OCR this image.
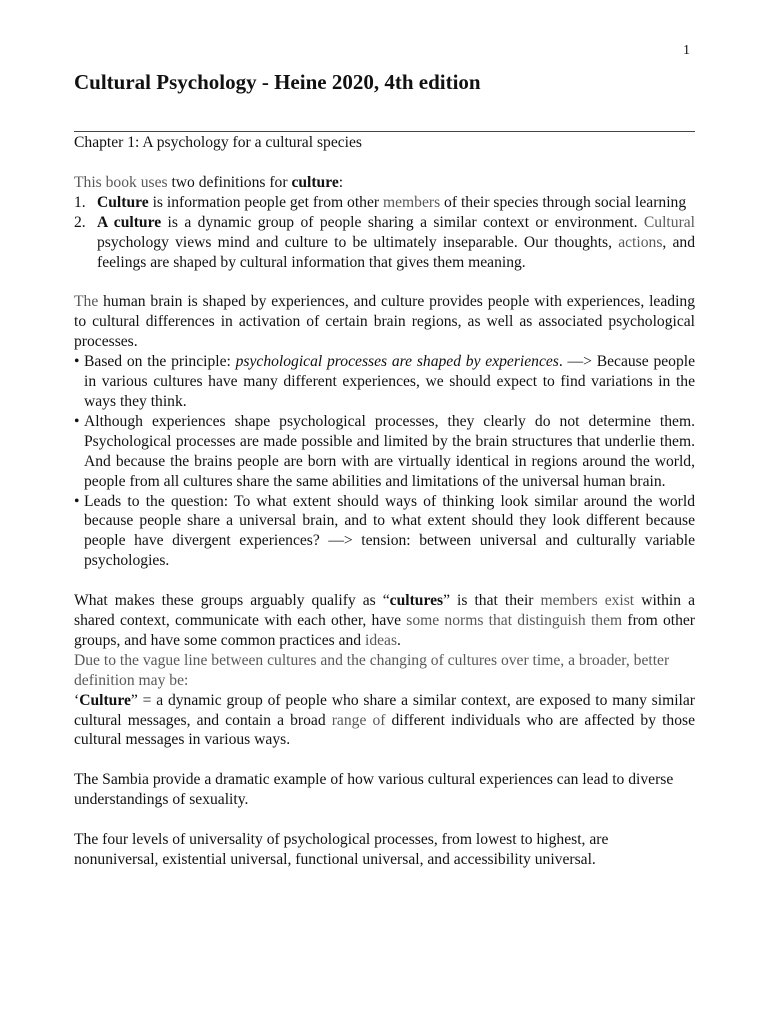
1
Cultural Psychology - Heine 2020, 4th edition

Chapter 1: A psychology for a cultural species

This book uses two definitions for culture:

1. Culture is information people get from other members of their species through social learning
2. A culture is a dynamic group of people sharing a similar context or environment. Cultural psychology views mind and culture to be ultimately inseparable. Our thoughts, actions, and feelings are shaped by cultural information that gives them meaning.

The human brain is shaped by experiences, and culture provides people with experiences, leading to cultural differences in activation of certain brain regions, as well as associated psychological processes.

• Based on the principle: psychological processes are shaped by experiences. —> Because people in various cultures have many different experiences, we should expect to find variations in the ways they think.
• Although experiences shape psychological processes, they clearly do not determine them. Psychological processes are made possible and limited by the brain structures that underlie them. And because the brains people are born with are virtually identical in regions around the world, people from all cultures share the same abilities and limitations of the universal human brain.
• Leads to the question: To what extent should ways of thinking look similar around the world because people share a universal brain, and to what extent should they look different because people have divergent experiences? —> tension: between universal and culturally variable psychologies.

What makes these groups arguably qualify as “cultures” is that their members exist within a shared context, communicate with each other, have some norms that distinguish them from other groups, and have some common practices and ideas.

Due to the vague line between cultures and the changing of cultures over time, a broader, better definition may be:

‘Culture” = a dynamic group of people who share a similar context, are exposed to many similar cultural messages, and contain a broad range of different individuals who are affected by those cultural messages in various ways.

The Sambia provide a dramatic example of how various cultural experiences can lead to diverse understandings of sexuality.

The four levels of universality of psychological processes, from lowest to highest, are nonuniversal, existential universal, functional universal, and accessibility universal.
